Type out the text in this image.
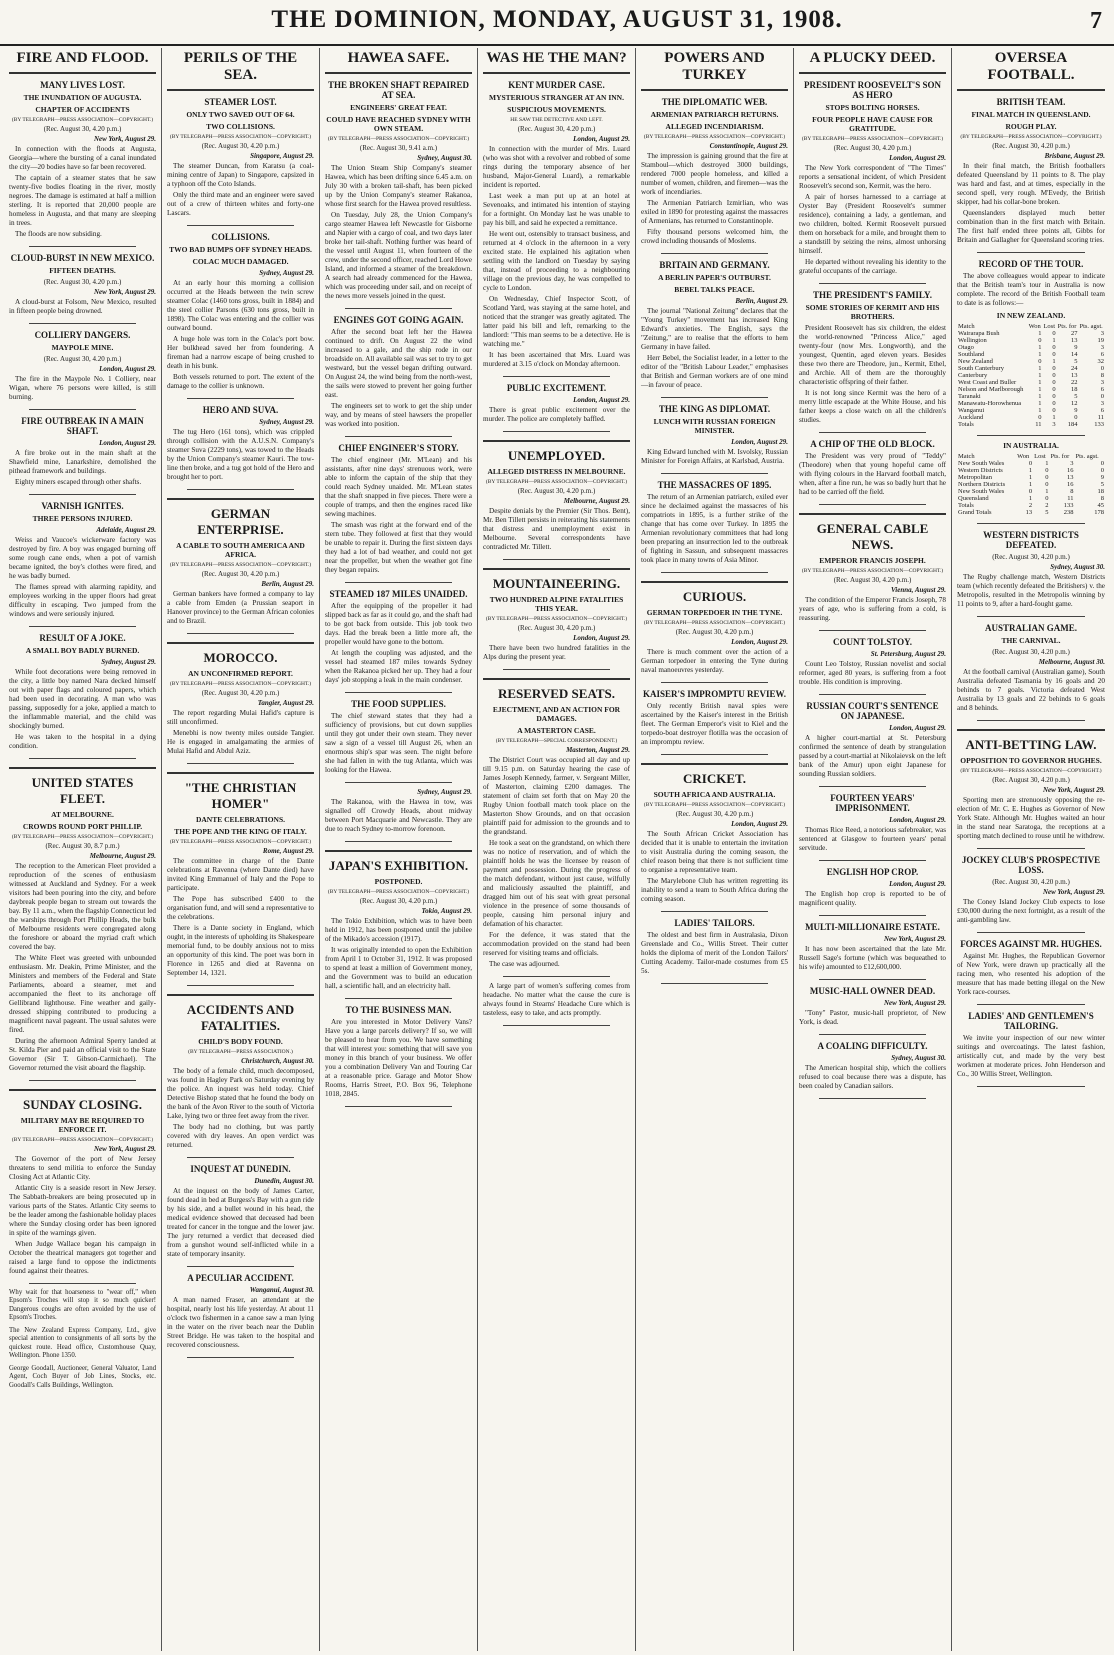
THE DOMINION, MONDAY, AUGUST 31, 1908.	7
FIRE AND FLOOD.
MANY LIVES LOST.
THE INUNDATION OF AUGUSTA.
CHAPTER OF ACCIDENTS
(BY TELEGRAPH—PRESS ASSOCIATION—COPYRIGHT.)
(Rec. August 30, 4.20 p.m.)
New York, August 29.

In connection with the floods at Augusta, Georgia—where the bursting of a canal inundated the city—20 bodies have so far been recovered.

The captain of a steamer states that he saw twenty-five bodies floating in the river, mostly negroes. The damage is estimated at half a million sterling. It is reported that 20,000 people are homeless in Augusta, and that many are sleeping in trees.

The floods are now subsiding.

CLOUD-BURST IN NEW MEXICO.
FIFTEEN DEATHS.
(Rec. August 30, 4.20 p.m.)
New York, August 29.

A cloud-burst at Folsom, New Mexico, resulted in fifteen people being drowned.

COLLIERY DANGERS.
MAYPOLE MINE.
(Rec. August 30, 4.20 p.m.)
London, August 29.

The fire in the Maypole No. 1 Colliery, near Wigan, where 76 persons were killed, is still burning.

FIRE OUTBREAK IN A MAIN SHAFT.
London, August 29.

A fire broke out in the main shaft at the Shawfield mine, Lanarkshire, demolished the pithead framework and buildings.

Eighty miners escaped through other shafts.

VARNISH IGNITES.
THREE PERSONS INJURED.
Adelaide, August 29.

Weiss and Vaucoe's wickerware factory was destroyed by fire. A boy was engaged burning off some rough cane ends, when a pot of varnish became ignited, the boy's clothes were fired, and he was badly burned.

The flames spread with alarming rapidity, and employees working in the upper floors had great difficulty in escaping. Two jumped from the windows and were seriously injured.

RESULT OF A JOKE.
A SMALL BOY BADLY BURNED.
Sydney, August 29.

While foot decorations were being removed in the city, a little boy named Nara decked himself out with paper flags and coloured papers, which had been used in decorating. A man who was passing, supposedly for a joke, applied a match to the inflammable material, and the child was shockingly burned.

He was taken to the hospital in a dying condition.

UNITED STATES FLEET.
AT MELBOURNE.
CROWDS ROUND PORT PHILLIP.
(BY TELEGRAPH—PRESS ASSOCIATION—COPYRIGHT.)
(Rec. August 30, 8.7 p.m.)
Melbourne, August 29.

The reception to the American Fleet provided a reproduction of the scenes of enthusiasm witnessed at Auckland and Sydney. For a week visitors had been pouring into the city, and before daybreak people began to stream out towards the bay. By 11 a.m., when the flagship Connecticut led the warships through Port Phillip Heads, the bulk of Melbourne residents were congregated along the foreshore or aboard the myriad craft which covered the bay.

The White Fleet was greeted with unbounded enthusiasm. Mr. Deakin, Prime Minister, and the Ministers and members of the Federal and State Parliaments, aboard a steamer, met and accompanied the fleet to its anchorage off Gellibrand lighthouse. Fine weather and gaily-dressed shipping contributed to producing a magnificent naval pageant. The usual salutes were fired.

During the afternoon Admiral Sperry landed at St. Kilda Pier and paid an official visit to the State Governor (Sir T. Gibson-Carmichael). The Governor returned the visit aboard the flagship.

SUNDAY CLOSING.
MILITARY MAY BE REQUIRED TO ENFORCE IT.
(BY TELEGRAPH—PRESS ASSOCIATION—COPYRIGHT.)
New York, August 29.

The Governor of the port of New Jersey threatens to send militia to enforce the Sunday Closing Act at Atlantic City.

Atlantic City is a seaside resort in New Jersey. The Sabbath-breakers are being prosecuted up in various parts of the States. Atlantic City seems to be the leader among the fashionable holiday places where the Sunday closing order has been ignored in spite of the warnings given.

When Judge Wallace began his campaign in October the theatrical managers got together and raised a large fund to oppose the indictments found against their theatres.

Why wait for that hoarseness to "wear off," when Epsom's Troches will stop it so much quicker! Dangerous coughs are often avoided by the use of Epsom's Troches.

The New Zealand Express Company, Ltd., give special attention to consignments of all sorts by the quickest route. Head office, Customhouse Quay, Wellington. Phone 1350.

George Goodall, Auctioneer, General Valuator, Land Agent, Coch Buyer of Job Lines, Stocks, etc. Goodall's Calls Buildings, Wellington.

PERILS OF THE SEA.
STEAMER LOST.
ONLY TWO SAVED OUT OF 64.
TWO COLLISIONS.
(BY TELEGRAPH—PRESS ASSOCIATION—COPYRIGHT.)
(Rec. August 30, 4.20 p.m.)
Singapore, August 29.

The steamer Duncan, from Karatsu (a coal-mining centre of Japan) to Singapore, capsized in a typhoon off the Coto Islands.

Only the third mate and an engineer were saved out of a crew of thirteen whites and forty-one Lascars.

COLLISIONS.
TWO BAD BUMPS OFF SYDNEY HEADS.
COLAC MUCH DAMAGED.
Sydney, August 29.

At an early hour this morning a collision occurred at the Heads between the twin screw steamer Colac (1460 tons gross, built in 1884) and the steel collier Parsons (630 tons gross, built in 1898). The Colac was entering and the collier was outward bound.

A huge hole was torn in the Colac's port bow. Her bulkhead saved her from foundering. A fireman had a narrow escape of being crushed to death in his bunk.

Both vessels returned to port. The extent of the damage to the collier is unknown.

HERO AND SUVA.
Sydney, August 29.

The tug Hero (161 tons), which was crippled through collision with the A.U.S.N. Company's steamer Suva (2229 tons), was towed to the Heads by the Union Company's steamer Kauri. The tow-line then broke, and a tug got hold of the Hero and brought her to port.

GERMAN ENTERPRISE.
A CABLE TO SOUTH AMERICA AND AFRICA.
(BY TELEGRAPH—PRESS ASSOCIATION—COPYRIGHT.)
(Rec. August 30, 4.20 p.m.)
Berlin, August 29.

German bankers have formed a company to lay a cable from Emden (a Prussian seaport in Hanover province) to the German African colonies and to Brazil.

MOROCCO.
AN UNCONFIRMED REPORT.
(BY TELEGRAPH—PRESS ASSOCIATION—COPYRIGHT.)
(Rec. August 30, 4.20 p.m.)
Tangier, August 29.

The report regarding Mulai Hafid's capture is still unconfirmed.

Menebhi is now twenty miles outside Tangier. He is engaged in amalgamating the armies of Mulai Hafid and Abdul Aziz.

"THE CHRISTIAN HOMER"
DANTE CELEBRATIONS.
THE POPE AND THE KING OF ITALY.
(BY TELEGRAPH—PRESS ASSOCIATION—COPYRIGHT.)
Rome, August 29.

The committee in charge of the Dante celebrations at Ravenna (where Dante died) have invited King Emmanuel of Italy and the Pope to participate.

The Pope has subscribed £400 to the organisation fund, and will send a representative to the celebrations.

There is a Dante society in England, which ought, in the interests of upholding its Shakespeare memorial fund, to be doubly anxious not to miss an opportunity of this kind. The poet was born in Florence in 1265 and died at Ravenna on September 14, 1321.

ACCIDENTS AND FATALITIES.
CHILD'S BODY FOUND.
(BY TELEGRAPH—PRESS ASSOCIATION.)
Christchurch, August 30.

The body of a female child, much decomposed, was found in Hagley Park on Saturday evening by the police. An inquest was held today. Chief Detective Bishop stated that he found the body on the bank of the Avon River to the south of Victoria Lake, lying two or three feet away from the river.

The body had no clothing, but was partly covered with dry leaves. An open verdict was returned.

INQUEST AT DUNEDIN.
Dunedin, August 30.

At the inquest on the body of James Carter, found dead in bed at Burgess's Bay with a gun ride by his side, and a bullet wound in his head, the medical evidence showed that deceased had been treated for cancer in the tongue and the lower jaw. The jury returned a verdict that deceased died from a gunshot wound self-inflicted while in a state of temporary insanity.

A PECULIAR ACCIDENT.
Wanganui, August 30.

A man named Fraser, an attendant at the hospital, nearly lost his life yesterday. At about 11 o'clock two fishermen in a canoe saw a man lying in the water on the river beach near the Dublin Street Bridge. He was taken to the hospital and recovered consciousness.

HAWEA SAFE.
THE BROKEN SHAFT REPAIRED AT SEA.
ENGINEERS' GREAT FEAT.
COULD HAVE REACHED SYDNEY WITH OWN STEAM.
(BY TELEGRAPH—PRESS ASSOCIATION—COPYRIGHT.)
(Rec. August 30, 9.41 a.m.)
Sydney, August 30.

The Union Steam Ship Company's steamer Hawea, which has been drifting since 6.45 a.m. on July 30 with a broken tail-shaft, has been picked up by the Union Company's steamer Rakanoa, whose first search for the Hawea proved resultless.

On Tuesday, July 28, the Union Company's cargo steamer Hawea left Newcastle for Gisborne and Napier with a cargo of coal, and two days later broke her tail-shaft. Nothing further was heard of the vessel until August 11, when fourteen of the crew, under the second officer, reached Lord Howe Island, and informed a steamer of the breakdown. A search had already commenced for the Hawea, which was proceeding under sail, and on receipt of the news more vessels joined in the quest.

ENGINES GOT GOING AGAIN.

After the second boat left her the Hawea continued to drift. On August 22 the wind increased to a gale, and the ship rode in our broadside on. All available sail was set to try to get westward, but the vessel began drifting outward. On August 24, the wind being from the north-west, the sails were stowed to prevent her going further east.

The engineers set to work to get the ship under way, and by means of steel hawsers the propeller was worked into position.

CHIEF ENGINEER'S STORY.

The chief engineer (Mr. M'Lean) and his assistants, after nine days' strenuous work, were able to inform the captain of the ship that they could reach Sydney unaided. Mr. M'Lean states that the shaft snapped in five pieces. There were a couple of tramps, and then the engines raced like sewing machines.

The smash was right at the forward end of the stern tube. They followed at first that they would be unable to repair it. During the first sixteen days they had a lot of bad weather, and could not get near the propeller, but when the weather got fine they began repairs.

STEAMED 187 MILES UNAIDED.

After the equipping of the propeller it had slipped back as far as it could go, and the shaft had to be got back from outside. This job took two days. Had the break been a little more aft, the propeller would have gone to the bottom.

At length the coupling was adjusted, and the vessel had steamed 187 miles towards Sydney when the Rakanoa picked her up. They had a four days' job stopping a leak in the main condenser.

THE FOOD SUPPLIES.

The chief steward states that they had a sufficiency of provisions, but cut down supplies until they got under their own steam. They never saw a sign of a vessel till August 26, when an enormous ship's spar was seen. The night before she had fallen in with the tug Atlanta, which was looking for the Hawea.

Sydney, August 29.

The Rakanoa, with the Hawea in tow, was signalled off Crowdy Heads, about midway between Port Macquarie and Newcastle. They are due to reach Sydney to-morrow forenoon.

JAPAN'S EXHIBITION.
POSTPONED.
(BY TELEGRAPH—PRESS ASSOCIATION—COPYRIGHT.)
(Rec. August 30, 4.20 p.m.)
Tokio, August 29.

The Tokio Exhibition, which was to have been held in 1912, has been postponed until the jubilee of the Mikado's accession (1917).

It was originally intended to open the Exhibition from April 1 to October 31, 1912. It was proposed to spend at least a million of Government money, and the Government was to build an education hall, a scientific hall, and an electricity hall.

TO THE BUSINESS MAN.

Are you interested in Motor Delivery Vans? Have you a large parcels delivery? If so, we will be pleased to hear from you. We have something that will interest you: something that will save you money in this branch of your business. We offer you a combination Delivery Van and Touring Car at a reasonable price. Garage and Motor Show Rooms, Harris Street, P.O. Box 96, Telephone 1018, 2845.

WAS HE THE MAN?
KENT MURDER CASE.
MYSTERIOUS STRANGER AT AN INN.
SUSPICIOUS MOVEMENTS.
HE SAW THE DETECTIVE AND LEFT.
(Rec. August 30, 4.20 p.m.)
London, August 29.

In connection with the murder of Mrs. Luard (who was shot with a revolver and robbed of some rings during the temporary absence of her husband, Major-General Luard), a remarkable incident is reported.

Last week a man put up at an hotel at Sevenoaks, and intimated his intention of staying for a fortnight. On Monday last he was unable to pay his bill, and said he expected a remittance.

He went out, ostensibly to transact business, and returned at 4 o'clock in the afternoon in a very excited state. He explained his agitation when settling with the landlord on Tuesday by saying that, instead of proceeding to a neighbouring village on the previous day, he was compelled to cycle to London.

On Wednesday, Chief Inspector Scott, of Scotland Yard, was staying at the same hotel, and noticed that the stranger was greatly agitated. The latter paid his bill and left, remarking to the landlord: "This man seems to be a detective. He is watching me."

It has been ascertained that Mrs. Luard was murdered at 3.15 o'clock on Monday afternoon.

PUBLIC EXCITEMENT.
London, August 29.

There is great public excitement over the murder. The police are completely baffled.

UNEMPLOYED.
ALLEGED DISTRESS IN MELBOURNE.
(BY TELEGRAPH—PRESS ASSOCIATION—COPYRIGHT.)
(Rec. August 30, 4.20 p.m.)
Melbourne, August 29.

Despite denials by the Premier (Sir Thos. Bent), Mr. Ben Tillett persists in reiterating his statements that distress and unemployment exist in Melbourne. Several correspondents have contradicted Mr. Tillett.

MOUNTAINEERING.
TWO HUNDRED ALPINE FATALITIES THIS YEAR.
(BY TELEGRAPH—PRESS ASSOCIATION—COPYRIGHT.)
(Rec. August 30, 4.20 p.m.)
London, August 29.

There have been two hundred fatalities in the Alps during the present year.

RESERVED SEATS.
EJECTMENT, AND AN ACTION FOR DAMAGES.
A MASTERTON CASE.
(BY TELEGRAPH—SPECIAL CORRESPONDENT.)
Masterton, August 29.

The District Court was occupied all day and up till 9.15 p.m. on Saturday hearing the case of James Joseph Kennedy, farmer, v. Sergeant Miller, of Masterton, claiming £200 damages. The statement of claim set forth that on May 20 the Rugby Union football match took place on the Masterton Show Grounds, and on that occasion plaintiff paid for admission to the grounds and to the grandstand.

He took a seat on the grandstand, on which there was no notice of reservation, and of which the plaintiff holds he was the licensee by reason of payment and possession. During the progress of the match defendant, without just cause, wilfully and maliciously assaulted the plaintiff, and dragged him out of his seat with great personal violence in the presence of some thousands of people, causing him personal injury and defamation of his character.

For the defence, it was stated that the accommodation provided on the stand had been reserved for visiting teams and officials.

The case was adjourned.

A large part of women's suffering comes from headache. No matter what the cause the cure is always found in Stearns' Headache Cure which is tasteless, easy to take, and acts promptly.

POWERS AND TURKEY
THE DIPLOMATIC WEB.
ARMENIAN PATRIARCH RETURNS.
ALLEGED INCENDIARISM.
(BY TELEGRAPH—PRESS ASSOCIATION—COPYRIGHT.)
Constantinople, August 29.

The impression is gaining ground that the fire at Stamboul—which destroyed 3000 buildings, rendered 7000 people homeless, and killed a number of women, children, and firemen—was the work of incendiaries.

The Armenian Patriarch Izmirlian, who was exiled in 1890 for protesting against the massacres of Armenians, has returned to Constantinople.

Fifty thousand persons welcomed him, the crowd including thousands of Moslems.

BRITAIN AND GERMANY.
A BERLIN PAPER'S OUTBURST.
BEBEL TALKS PEACE.
Berlin, August 29.

The journal "National Zeitung" declares that the "Young Turkey" movement has increased King Edward's anxieties. The English, says the "Zeitung," are to realise that the efforts to hem Germany in have failed.

Herr Bebel, the Socialist leader, in a letter to the editor of the "British Labour Leader," emphasises that British and German workers are of one mind—in favour of peace.

THE KING AS DIPLOMAT.
LUNCH WITH RUSSIAN FOREIGN MINISTER.
London, August 29.

King Edward lunched with M. Isvolsky, Russian Minister for Foreign Affairs, at Karlsbad, Austria.

THE MASSACRES OF 1895.

The return of an Armenian patriarch, exiled ever since he declaimed against the massacres of his compatriots in 1895, is a further strike of the change that has come over Turkey. In 1895 the Armenian revolutionary committees that had long been preparing an insurrection led to the outbreak of fighting in Sassun, and subsequent massacres took place in many towns of Asia Minor.

CURIOUS.
GERMAN TORPEDOER IN THE TYNE.
(BY TELEGRAPH—PRESS ASSOCIATION—COPYRIGHT.)
(Rec. August 30, 4.20 p.m.)
London, August 29.

There is much comment over the action of a German torpedoer in entering the Tyne during naval manoeuvres yesterday.

KAISER'S IMPROMPTU REVIEW.

Only recently British naval spies were ascertained by the Kaiser's interest in the British fleet. The German Emperor's visit to Kiel and the torpedo-boat destroyer flotilla was the occasion of an impromptu review.

CRICKET.
SOUTH AFRICA AND AUSTRALIA.
(BY TELEGRAPH—PRESS ASSOCIATION—COPYRIGHT.)
(Rec. August 30, 4.20 p.m.)
London, August 29.

The South African Cricket Association has decided that it is unable to entertain the invitation to visit Australia during the coming season, the chief reason being that there is not sufficient time to organise a representative team.

The Marylebone Club has written regretting its inability to send a team to South Africa during the coming season.

LADIES' TAILORS.

The oldest and best firm in Australasia, Dixon Greenslade and Co., Willis Street. Their cutter holds the diploma of merit of the London Tailors' Cutting Academy. Tailor-made costumes from £5 5s.

A PLUCKY DEED.
PRESIDENT ROOSEVELT'S SON AS HERO
STOPS BOLTING HORSES.
FOUR PEOPLE HAVE CAUSE FOR GRATITUDE.
(BY TELEGRAPH—PRESS ASSOCIATION—COPYRIGHT.)
(Rec. August 30, 4.20 p.m.)
London, August 29.

The New York correspondent of "The Times" reports a sensational incident, of which President Roosevelt's second son, Kermit, was the hero.

A pair of horses harnessed to a carriage at Oyster Bay (President Roosevelt's summer residence), containing a lady, a gentleman, and two children, bolted. Kermit Roosevelt pursued them on horseback for a mile, and brought them to a standstill by seizing the reins, almost unhorsing himself.

He departed without revealing his identity to the grateful occupants of the carriage.

THE PRESIDENT'S FAMILY.
SOME STORIES OF KERMIT AND HIS BROTHERS.

President Roosevelt has six children, the eldest the world-renowned "Princess Alice," aged twenty-four (now Mrs. Longworth), and the youngest, Quentin, aged eleven years. Besides these two there are Theodore, jun., Kermit, Ethel, and Archie. All of them are the thoroughly characteristic offspring of their father.

It is not long since Kermit was the hero of a merry little escapade at the White House, and his father keeps a close watch on all the children's studies.

A CHIP OF THE OLD BLOCK.

The President was very proud of "Teddy" (Theodore) when that young hopeful came off with flying colours in the Harvard football match, when, after a fine run, he was so badly hurt that he had to be carried off the field.

GENERAL CABLE NEWS.
EMPEROR FRANCIS JOSEPH.
(BY TELEGRAPH—PRESS ASSOCIATION—COPYRIGHT.)
(Rec. August 30, 4.20 p.m.)
Vienna, August 29.

The condition of the Emperor Francis Joseph, 78 years of age, who is suffering from a cold, is reassuring.

COUNT TOLSTOY.
St. Petersburg, August 29.

Count Leo Tolstoy, Russian novelist and social reformer, aged 80 years, is suffering from a foot trouble. His condition is improving.

RUSSIAN COURT'S SENTENCE ON JAPANESE.
London, August 29.

A higher court-martial at St. Petersburg confirmed the sentence of death by strangulation passed by a court-martial at Nikolaievsk on the left bank of the Amur) upon eight Japanese for sounding Russian soldiers.

FOURTEEN YEARS' IMPRISONMENT.
London, August 29.

Thomas Rice Reed, a notorious safebreaker, was sentenced at Glasgow to fourteen years' penal servitude.

ENGLISH HOP CROP.
London, August 29.

The English hop crop is reported to be of magnificent quality.

MULTI-MILLIONAIRE ESTATE.
New York, August 29.

It has now been ascertained that the late Mr. Russell Sage's fortune (which was bequeathed to his wife) amounted to £12,600,000.

MUSIC-HALL OWNER DEAD.
New York, August 29.

"Tony" Pastor, music-hall proprietor, of New York, is dead.

A COALING DIFFICULTY.
Sydney, August 30.

The American hospital ship, which the colliers refused to coal because there was a dispute, has been coaled by Canadian sailors.

OVERSEA FOOTBALL.
BRITISH TEAM.
FINAL MATCH IN QUEENSLAND.
ROUGH PLAY.
(BY TELEGRAPH—PRESS ASSOCIATION—COPYRIGHT.)
(Rec. August 30, 4.20 p.m.)
Brisbane, August 29.

In their final match, the British footballers defeated Queensland by 11 points to 8. The play was hard and fast, and at times, especially in the second spell, very rough. M'Evedy, the British skipper, had his collar-bone broken.

Queenslanders displayed much better combination than in the first match with Britain. The first half ended three points all, Gibbs for Britain and Gallagher for Queensland scoring tries.

RECORD OF THE TOUR.

The above colleagues would appear to indicate that the British team's tour in Australia is now complete. The record of the British Football team to date is as follows:—

IN NEW ZEALAND.
Match	Won	Lost	Pts. for	Pts. agst.
Wairarapa Bush	1	0	27	3
Wellington	0	1	13	19
Otago	1	0	9	3
Southland	1	0	14	6
New Zealand	0	1	5	32
South Canterbury	1	0	24	0
Canterbury	1	0	13	8
West Coast and Buller	1	0	22	3
Nelson and Marlborough	1	0	18	6
Taranaki	1	0	5	0
Manawatu-Horowhenua	1	0	12	3
Wanganui	1	0	9	6
Auckland	0	1	0	11
Totals	11	3	184	133
IN AUSTRALIA.
Match	Won	Lost	Pts. for	Pts. agst.
New South Wales	0	1	3	0
Western Districts	1	0	16	0
Metropolitan	1	0	13	9
Northern Districts	1	0	16	5
New South Wales	0	1	8	18
Queensland	1	0	11	8
Totals	2	2	133	45
Grand Totals	13	5	238	178
WESTERN DISTRICTS DEFEATED.
(Rec. August 30, 4.20 p.m.)
Sydney, August 30.

The Rugby challenge match, Western Districts team (which recently defeated the Britishers) v. the Metropolis, resulted in the Metropolis winning by 11 points to 9, after a hard-fought game.

AUSTRALIAN GAME.
THE CARNIVAL.
(Rec. August 30, 4.20 p.m.)
Melbourne, August 30.

At the football carnival (Australian game), South Australia defeated Tasmania by 16 goals and 20 behinds to 7 goals. Victoria defeated West Australia by 13 goals and 22 behinds to 6 goals and 8 behinds.

ANTI-BETTING LAW.
OPPOSITION TO GOVERNOR HUGHES.
(BY TELEGRAPH—PRESS ASSOCIATION—COPYRIGHT.)
(Rec. August 30, 4.20 p.m.)
New York, August 29.

Sporting men are strenuously opposing the re-election of Mr. C. E. Hughes as Governor of New York State. Although Mr. Hughes waited an hour in the stand near Saratoga, the receptions at a sporting match declined to rouse until he withdrew.

JOCKEY CLUB'S PROSPECTIVE LOSS.
(Rec. August 30, 4.20 p.m.)
New York, August 29.

The Coney Island Jockey Club expects to lose £30,000 during the next fortnight, as a result of the anti-gambling law.

FORCES AGAINST MR. HUGHES.

Against Mr. Hughes, the Republican Governor of New York, were drawn up practically all the racing men, who resented his adoption of the measure that has made betting illegal on the New York race-courses.

LADIES' AND GENTLEMEN'S TAILORING.

We invite your inspection of our new winter suitings and overcoatings. The latest fashion, artistically cut, and made by the very best workmen at moderate prices. John Henderson and Co., 30 Willis Street, Wellington.
